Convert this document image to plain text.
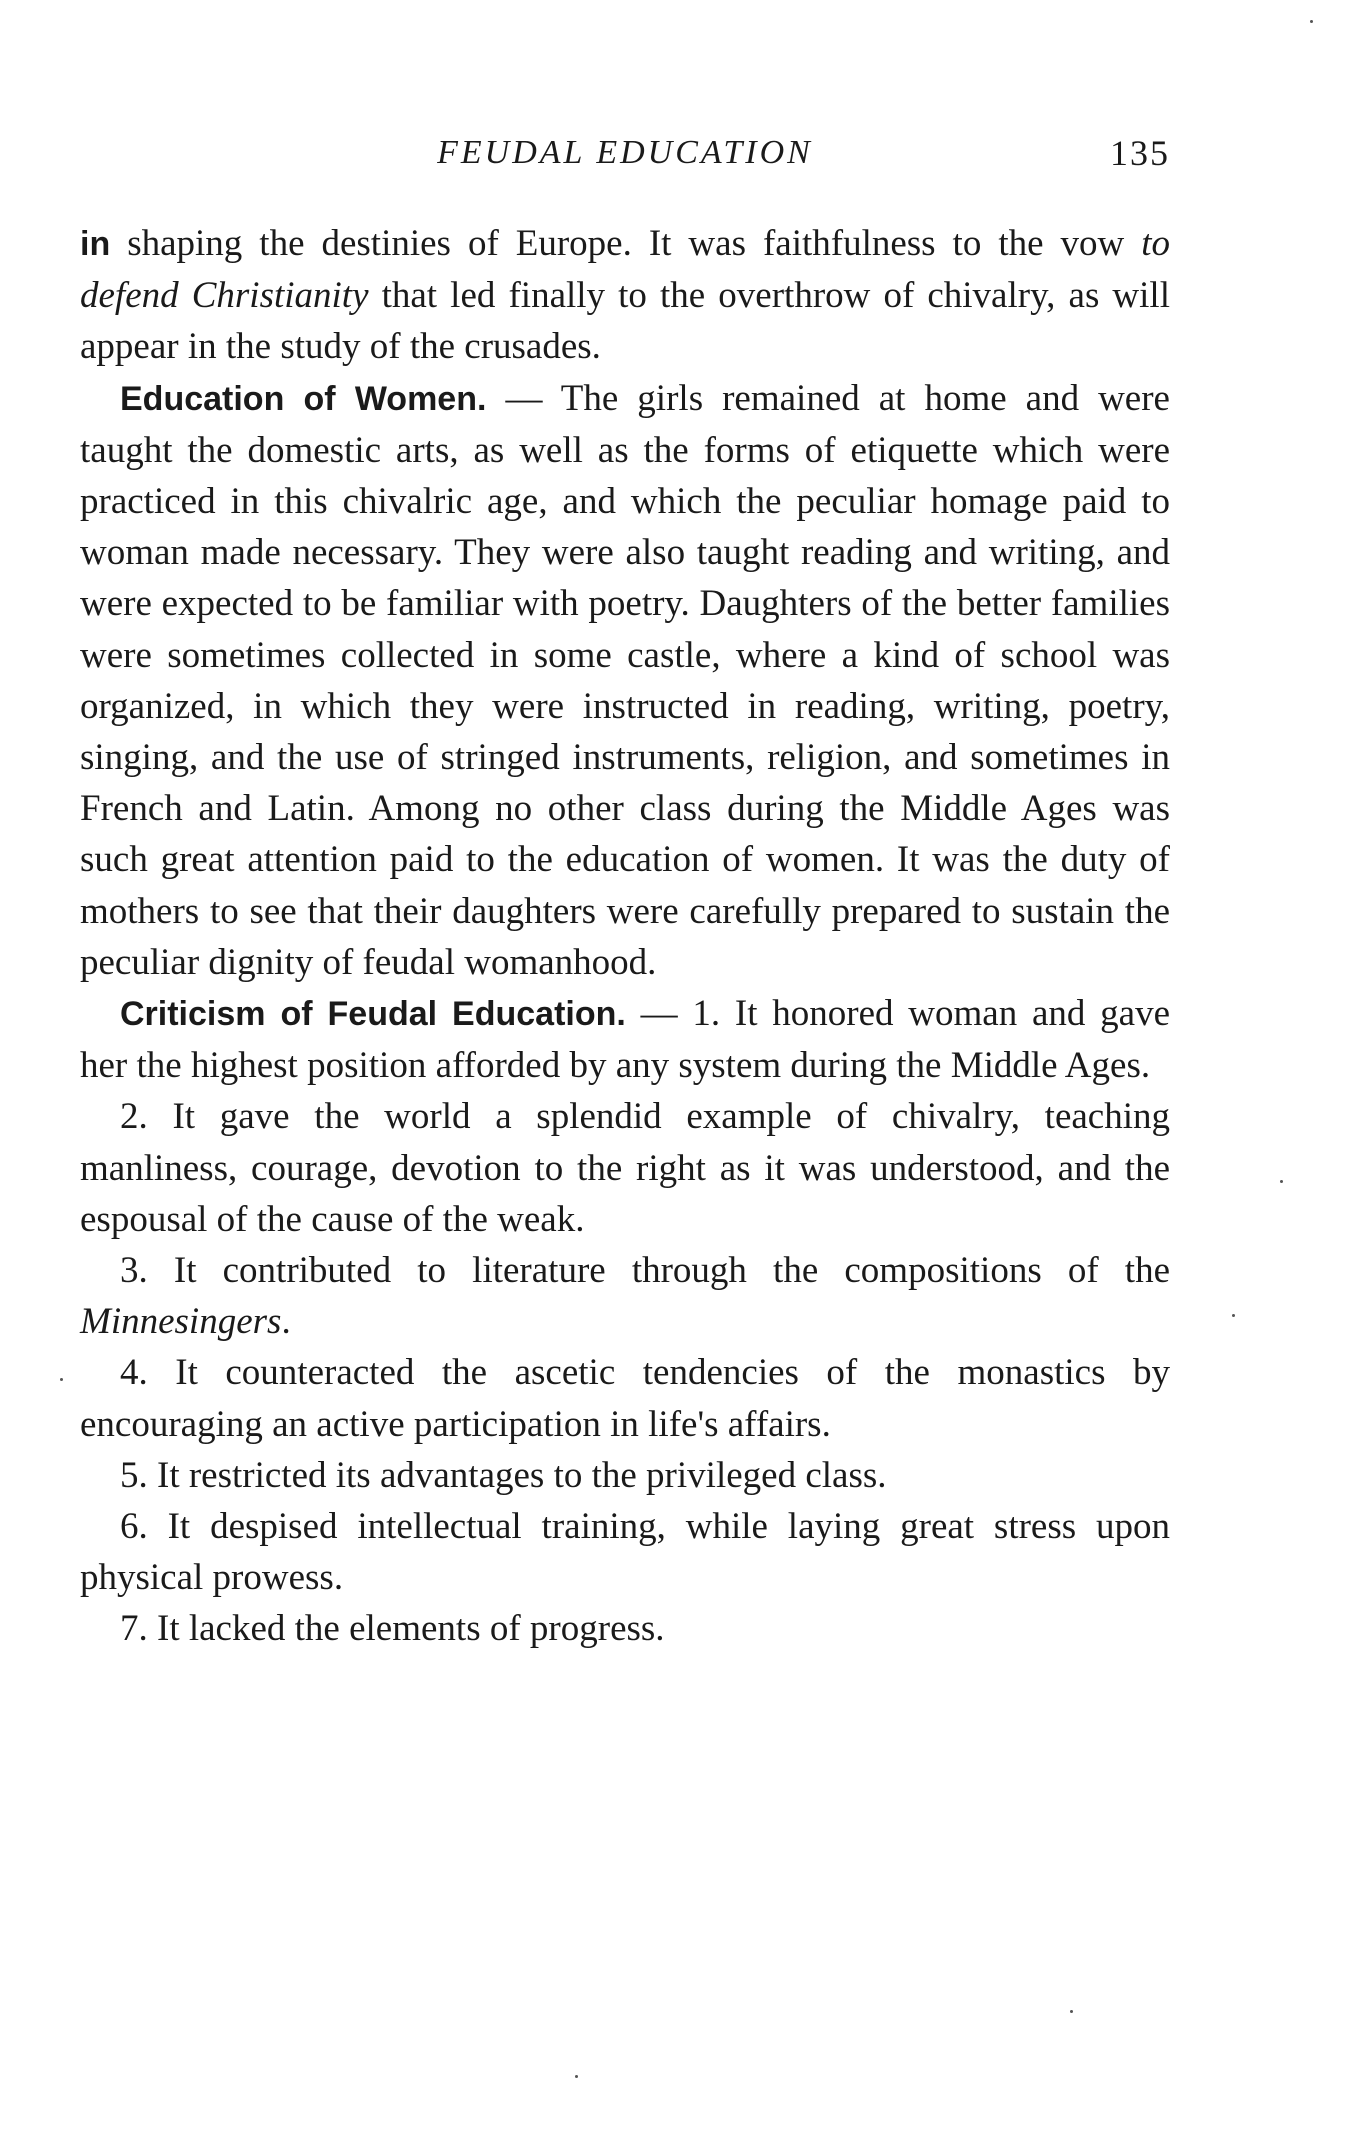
FEUDAL EDUCATION	135

in shaping the destinies of Europe. It was faithfulness to the vow to defend Christianity that led finally to the overthrow of chivalry, as will appear in the study of the crusades.

Education of Women. — The girls remained at home and were taught the domestic arts, as well as the forms of etiquette which were practiced in this chivalric age, and which the peculiar homage paid to woman made necessary. They were also taught reading and writing, and were expected to be familiar with poetry. Daughters of the better families were sometimes collected in some castle, where a kind of school was organized, in which they were instructed in reading, writing, poetry, singing, and the use of stringed instruments, religion, and sometimes in French and Latin. Among no other class during the Middle Ages was such great attention paid to the education of women. It was the duty of mothers to see that their daughters were carefully prepared to sustain the peculiar dignity of feudal womanhood.

Criticism of Feudal Education. — 1. It honored woman and gave her the highest position afforded by any system during the Middle Ages.

2. It gave the world a splendid example of chivalry, teaching manliness, courage, devotion to the right as it was understood, and the espousal of the cause of the weak.

3. It contributed to literature through the compositions of the Minnesingers.

4. It counteracted the ascetic tendencies of the monastics by encouraging an active participation in life's affairs.

5. It restricted its advantages to the privileged class.

6. It despised intellectual training, while laying great stress upon physical prowess.

7. It lacked the elements of progress.
